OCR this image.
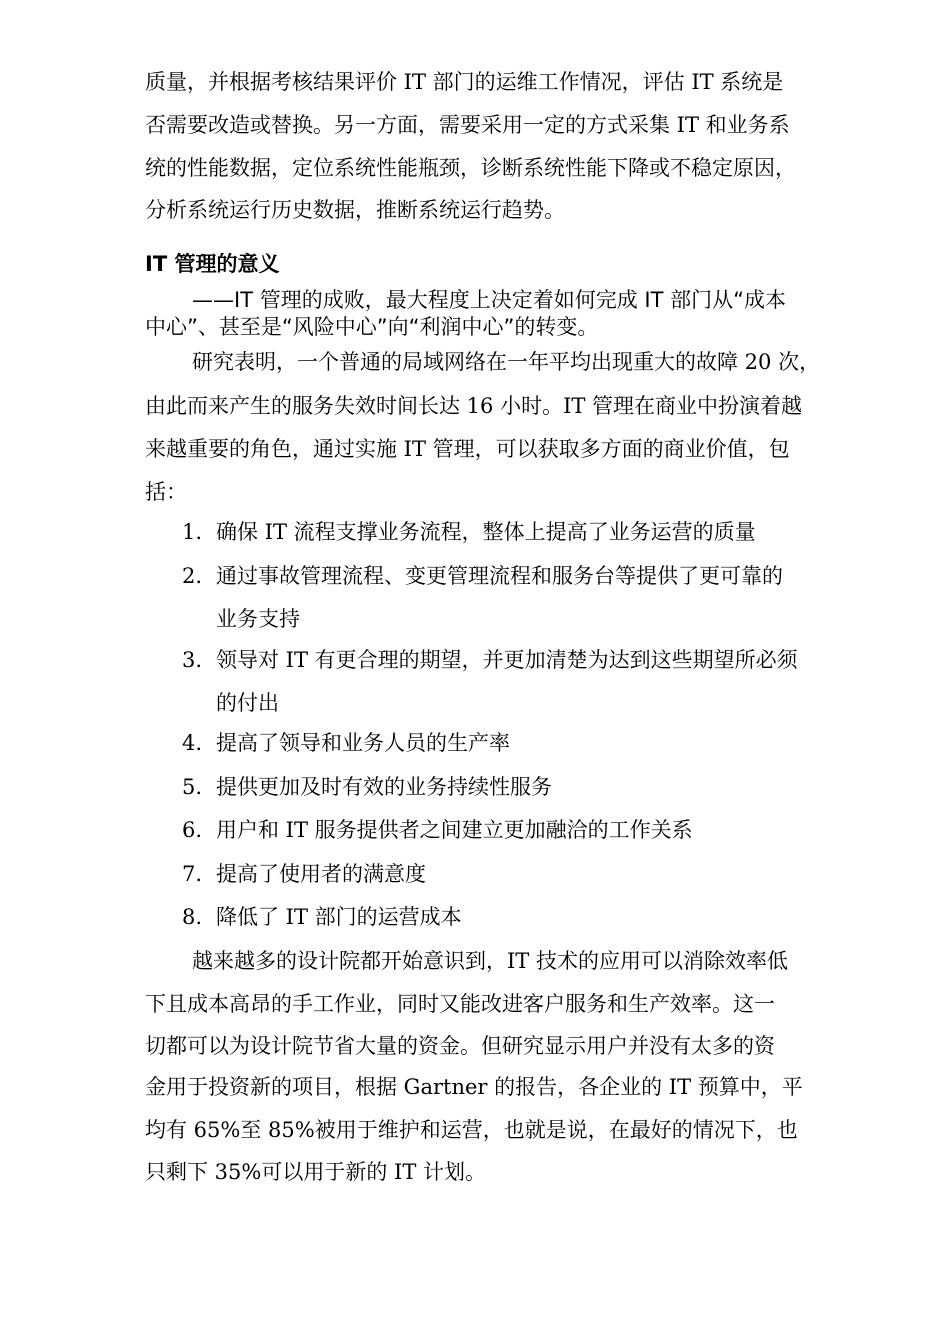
质量，并根据考核结果评价 IT 部门的运维工作情况，评估 IT 系统是
否需要改造或替换。另一方面，需要采用一定的方式采集 IT 和业务系
统的性能数据，定位系统性能瓶颈，诊断系统性能下降或不稳定原因，
分析系统运行历史数据，推断系统运行趋势。
IT 管理的意义
——IT 管理的成败，最大程度上决定着如何完成 IT 部门从“成本
中心”、甚至是“风险中心”向“利润中心”的转变。
研究表明，一个普通的局域网络在一年平均出现重大的故障 20 次，
由此而来产生的服务失效时间长达 16 小时。IT 管理在商业中扮演着越
来越重要的角色，通过实施 IT 管理，可以获取多方面的商业价值，包
括：
1. 确保 IT 流程支撑业务流程，整体上提高了业务运营的质量
2. 通过事故管理流程、变更管理流程和服务台等提供了更可靠的
业务支持
3. 领导对 IT 有更合理的期望，并更加清楚为达到这些期望所必须
的付出
4. 提高了领导和业务人员的生产率
5. 提供更加及时有效的业务持续性服务
6. 用户和 IT 服务提供者之间建立更加融洽的工作关系
7. 提高了使用者的满意度
8. 降低了 IT 部门的运营成本
越来越多的设计院都开始意识到，IT 技术的应用可以消除效率低
下且成本高昂的手工作业，同时又能改进客户服务和生产效率。这一
切都可以为设计院节省大量的资金。但研究显示用户并没有太多的资
金用于投资新的项目，根据 Gartner 的报告，各企业的 IT 预算中，平
均有 65%至 85%被用于维护和运营，也就是说，在最好的情况下，也
只剩下 35%可以用于新的 IT 计划。
